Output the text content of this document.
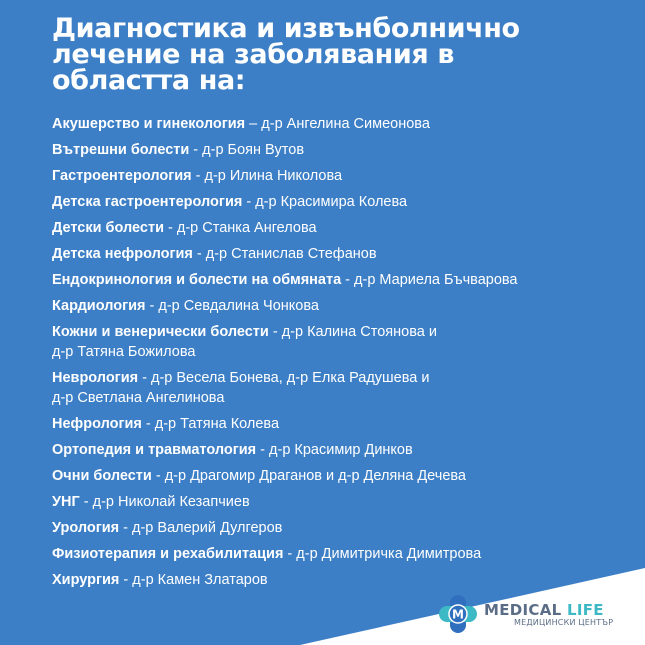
Диагностика и извънболнично
лечение на заболявания в
областта на:
Акушерство и гинекология – д-р Ангелина Симеонова
Вътрешни болести - д-р Боян Вутов
Гастроентерология - д-р Илина Николова
Детска гастроентерология - д-р Красимира Колева
Детски болести - д-р Станка Ангелова
Детска нефрология - д-р Станислав Стефанов
Ендокринология и болести на обмяната - д-р Мариела Бъчварова
Кардиология - д-р Севдалина Чонкова
Кожни и венерически болести - д-р Калина Стоянова и
д-р Татяна Божилова
Неврология - д-р Весела Бонева, д-р Елка Радушева и
д-р Светлана Ангелинова
Нефрология - д-р Татяна Колева
Ортопедия и травматология - д-р Красимир Динков
Очни болести - д-р Драгомир Драганов и д-р Деляна Дечева
УНГ - д-р Николай Кезапчиев
Урология - д-р Валерий Дулгеров
Физиотерапия и рехабилитация - д-р Димитричка Димитрова
Хирургия - д-р Камен Златаров
M MEDICAL LIFE
МЕДИЦИНСКИ ЦЕНТЪР
